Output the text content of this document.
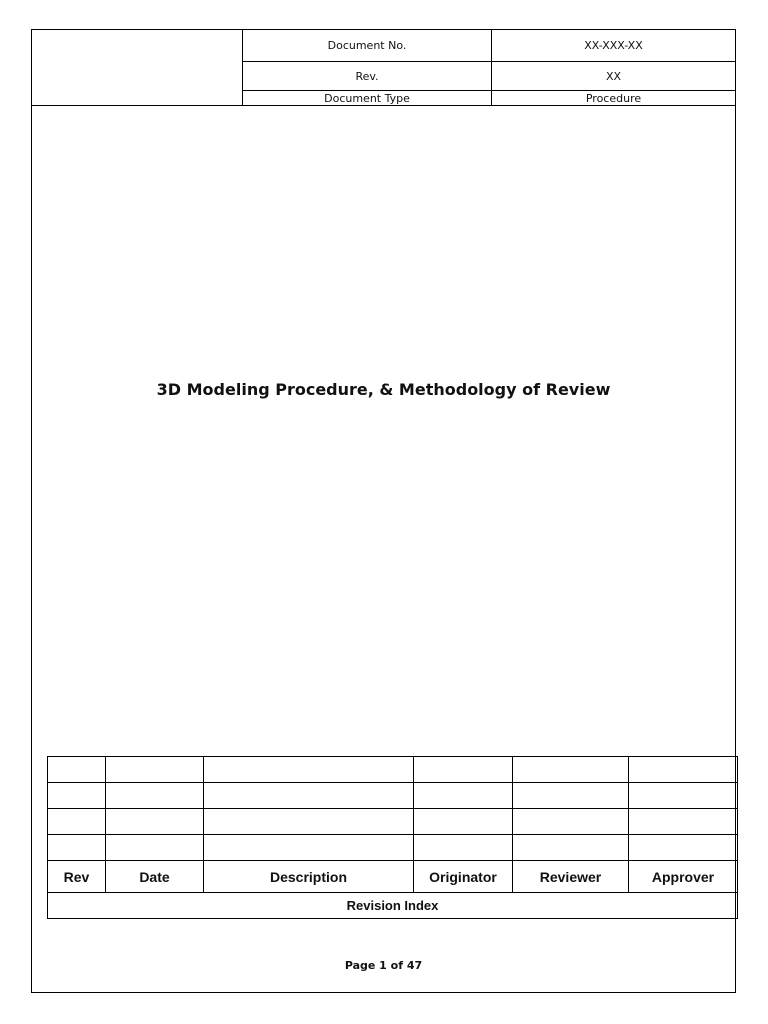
	Document No.	XX-XXX-XX
	Rev.	XX
	Document Type	Procedure
3D Modeling Procedure, & Methodology of Review

Rev	Date	Description	Originator	Reviewer	Approver
Revision Index					
Page 1 of 47
